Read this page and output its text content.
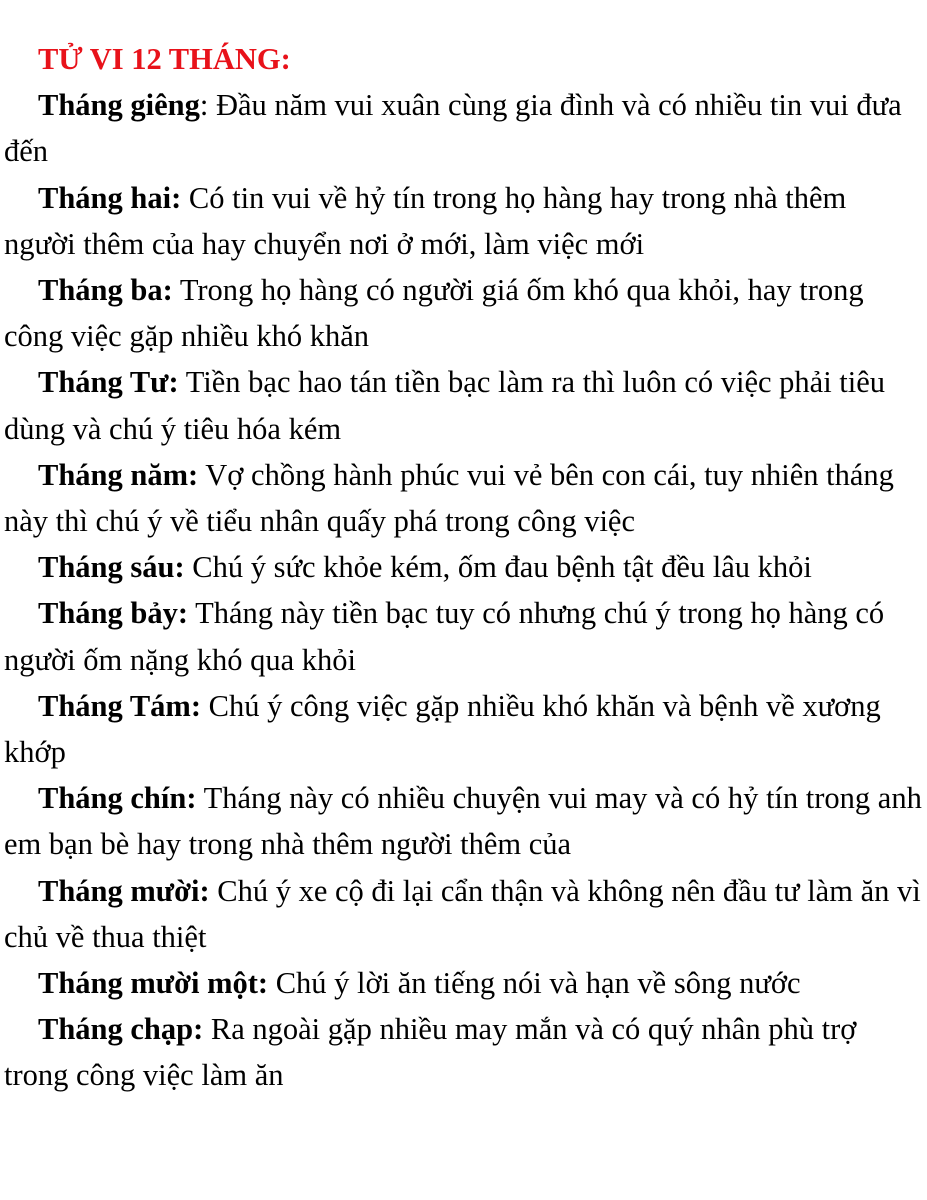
TỬ VI 12 THÁNG:

Tháng giêng: Đầu năm vui xuân cùng gia đình và có nhiều tin vui đưa đến

Tháng hai: Có tin vui về hỷ tín trong họ hàng hay trong nhà thêm người thêm của hay chuyển nơi ở mới, làm việc mới

Tháng ba: Trong họ hàng có người giá ốm khó qua khỏi, hay trong công việc gặp nhiều khó khăn

Tháng Tư: Tiền bạc hao tán tiền bạc làm ra thì luôn có việc phải tiêu dùng và chú ý tiêu hóa kém

Tháng năm: Vợ chồng hành phúc vui vẻ bên con cái, tuy nhiên tháng này thì chú ý về tiểu nhân quấy phá trong công việc

Tháng sáu: Chú ý sức khỏe kém, ốm đau bệnh tật đều lâu khỏi

Tháng bảy: Tháng này tiền bạc tuy có nhưng chú ý trong họ hàng có người ốm nặng khó qua khỏi

Tháng Tám: Chú ý công việc gặp nhiều khó khăn và bệnh về xương khớp

Tháng chín: Tháng này có nhiều chuyện vui may và có hỷ tín trong anh em bạn bè hay trong nhà thêm người thêm của

Tháng mười: Chú ý xe cộ đi lại cẩn thận và không nên đầu tư làm ăn vì chủ về thua thiệt

Tháng mười một: Chú ý lời ăn tiếng nói và hạn về sông nước

Tháng chạp: Ra ngoài gặp nhiều may mắn và có quý nhân phù trợ trong công việc làm ăn
